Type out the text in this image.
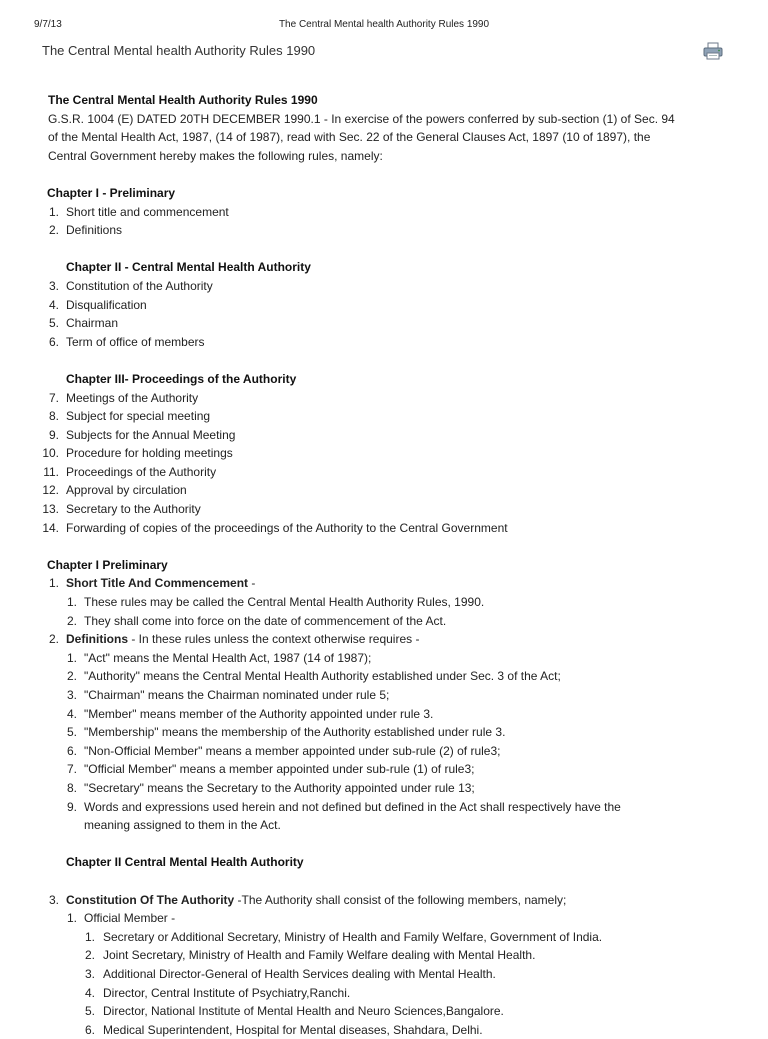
9/7/13	The Central Mental health Authority Rules 1990
The Central Mental health Authority Rules 1990
The Central Mental Health Authority Rules 1990
G.S.R. 1004 (E) DATED 20TH DECEMBER 1990.1 - In exercise of the powers conferred by sub-section (1) of Sec. 94
of the Mental Health Act, 1987, (14 of 1987), read with Sec. 22 of the General Clauses Act, 1897 (10 of 1897), the
Central Government hereby makes the following rules, namely:
Chapter I - Preliminary
1. Short title and commencement
2. Definitions
Chapter II - Central Mental Health Authority
3. Constitution of the Authority
4. Disqualification
5. Chairman
6. Term of office of members
Chapter III- Proceedings of the Authority
7. Meetings of the Authority
8. Subject for special meeting
9. Subjects for the Annual Meeting
10. Procedure for holding meetings
11. Proceedings of the Authority
12. Approval by circulation
13. Secretary to the Authority
14. Forwarding of copies of the proceedings of the Authority to the Central Government
Chapter I Preliminary
1. Short Title And Commencement -
1. These rules may be called the Central Mental Health Authority Rules, 1990.
2. They shall come into force on the date of commencement of the Act.
2. Definitions - In these rules unless the context otherwise requires -
1. "Act" means the Mental Health Act, 1987 (14 of 1987);
2. "Authority" means the Central Mental Health Authority established under Sec. 3 of the Act;
3. "Chairman" means the Chairman nominated under rule 5;
4. "Member" means member of the Authority appointed under rule 3.
5. "Membership" means the membership of the Authority established under rule 3.
6. "Non-Official Member" means a member appointed under sub-rule (2) of rule3;
7. "Official Member" means a member appointed under sub-rule (1) of rule3;
8. "Secretary" means the Secretary to the Authority appointed under rule 13;
9. Words and expressions used herein and not defined but defined in the Act shall respectively have the
meaning assigned to them in the Act.
Chapter II Central Mental Health Authority
3. Constitution Of The Authority -The Authority shall consist of the following members, namely;
1. Official Member -
1. Secretary or Additional Secretary, Ministry of Health and Family Welfare, Government of India.
2. Joint Secretary, Ministry of Health and Family Welfare dealing with Mental Health.
3. Additional Director-General of Health Services dealing with Mental Health.
4. Director, Central Institute of Psychiatry,Ranchi.
5. Director, National Institute of Mental Health and Neuro Sciences,Bangalore.
6. Medical Superintendent, Hospital for Mental diseases, Shahdara, Delhi.
